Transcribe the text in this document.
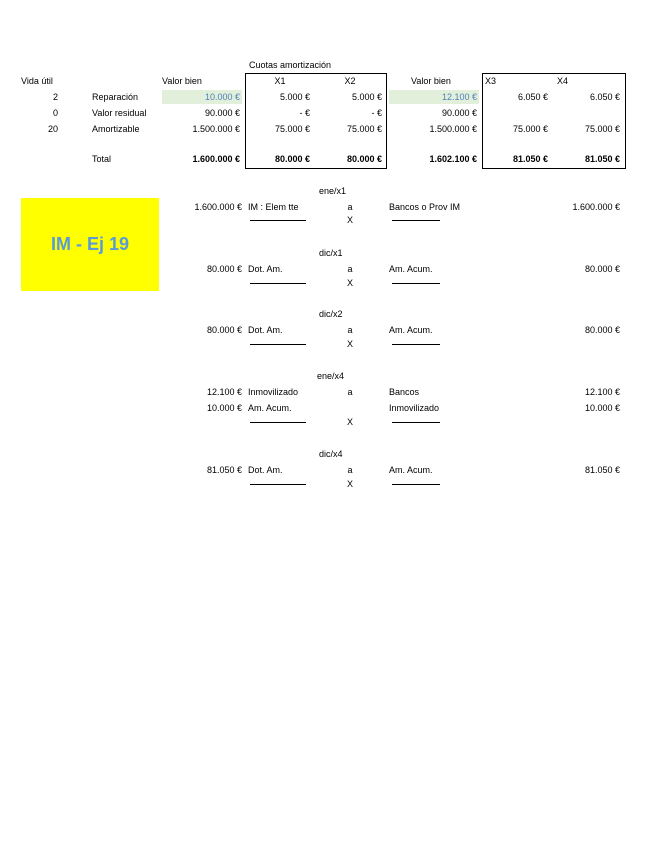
Cuotas amortización
Vida útil	Valor bien	X1	X2	Valor bien	X3	X4
2	Reparación	10.000 €	5.000 €	5.000 €	12.100 €	6.050 €	6.050 €
0	Valor residual	90.000 €	- €	- €	90.000 €
20	Amortizable	1.500.000 €	75.000 €	75.000 €	1.500.000 €	75.000 €	75.000 €
Total	1.600.000 €	80.000 €	80.000 €	1.602.100 €	81.050 €	81.050 €
IM - Ej 19
ene/x1
1.600.000 € IM : Elem tte	a	Bancos o Prov IM	1.600.000 €
X
dic/x1
80.000 € Dot. Am.	a	Am. Acum.	80.000 €
X
dic/x2
80.000 € Dot. Am.	a	Am. Acum.	80.000 €
X
ene/x4
12.100 € Inmovilizado	a	Bancos	12.100 €
10.000 € Am. Acum.	Inmovilizado	10.000 €
X
dic/x4
81.050 € Dot. Am.	a	Am. Acum.	81.050 €
X
